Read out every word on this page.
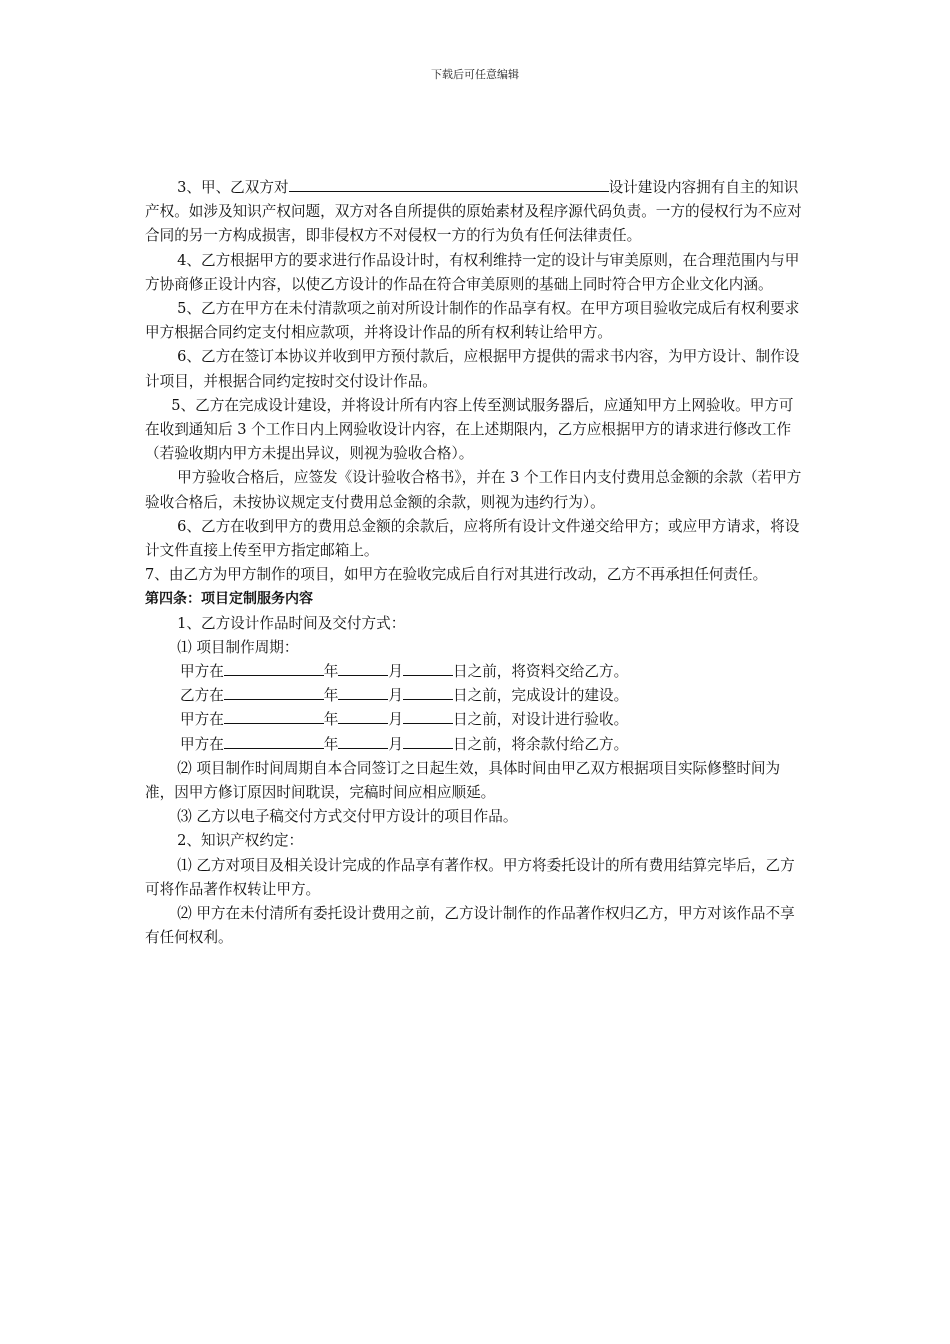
下载后可任意编辑

3、甲、乙双方对	设计建设内容拥有自主的知识产权。如涉及知识产权问题，双方对各自所提供的原始素材及程序源代码负责。一方的侵权行为不应对合同的另一方构成损害，即非侵权方不对侵权一方的行为负有任何法律责任。

4、乙方根据甲方的要求进行作品设计时，有权利维持一定的设计与审美原则，在合理范围内与甲方协商修正设计内容，以使乙方设计的作品在符合审美原则的基础上同时符合甲方企业文化内涵。

5、乙方在甲方在未付清款项之前对所设计制作的作品享有权。在甲方项目验收完成后有权利要求甲方根据合同约定支付相应款项，并将设计作品的所有权利转让给甲方。

6、乙方在签订本协议并收到甲方预付款后，应根据甲方提供的需求书内容，为甲方设计、制作设计项目，并根据合同约定按时交付设计作品。

5、乙方在完成设计建设，并将设计所有内容上传至测试服务器后，应通知甲方上网验收。甲方可在收到通知后 3 个工作日内上网验收设计内容，在上述期限内，乙方应根据甲方的请求进行修改工作（若验收期内甲方未提出异议，则视为验收合格）。

甲方验收合格后，应签发《设计验收合格书》，并在 3 个工作日内支付费用总金额的余款（若甲方验收合格后，未按协议规定支付费用总金额的余款，则视为违约行为）。

6、乙方在收到甲方的费用总金额的余款后，应将所有设计文件递交给甲方；或应甲方请求，将设计文件直接上传至甲方指定邮箱上。

7、由乙方为甲方制作的项目，如甲方在验收完成后自行对其进行改动，乙方不再承担任何责任。

第四条：项目定制服务内容

1、乙方设计作品时间及交付方式：

⑴ 项目制作周期：

甲方在	年	月	日之前，将资料交给乙方。

乙方在	年	月	日之前，完成设计的建设。

甲方在	年	月	日之前，对设计进行验收。

甲方在	年	月	日之前，将余款付给乙方。

⑵ 项目制作时间周期自本合同签订之日起生效，具体时间由甲乙双方根据项目实际修整时间为准，因甲方修订原因时间耽误，完稿时间应相应顺延。

⑶ 乙方以电子稿交付方式交付甲方设计的项目作品。

2、知识产权约定：

⑴ 乙方对项目及相关设计完成的作品享有著作权。甲方将委托设计的所有费用结算完毕后，乙方可将作品著作权转让甲方。

⑵ 甲方在未付清所有委托设计费用之前，乙方设计制作的作品著作权归乙方，甲方对该作品不享有任何权利。
